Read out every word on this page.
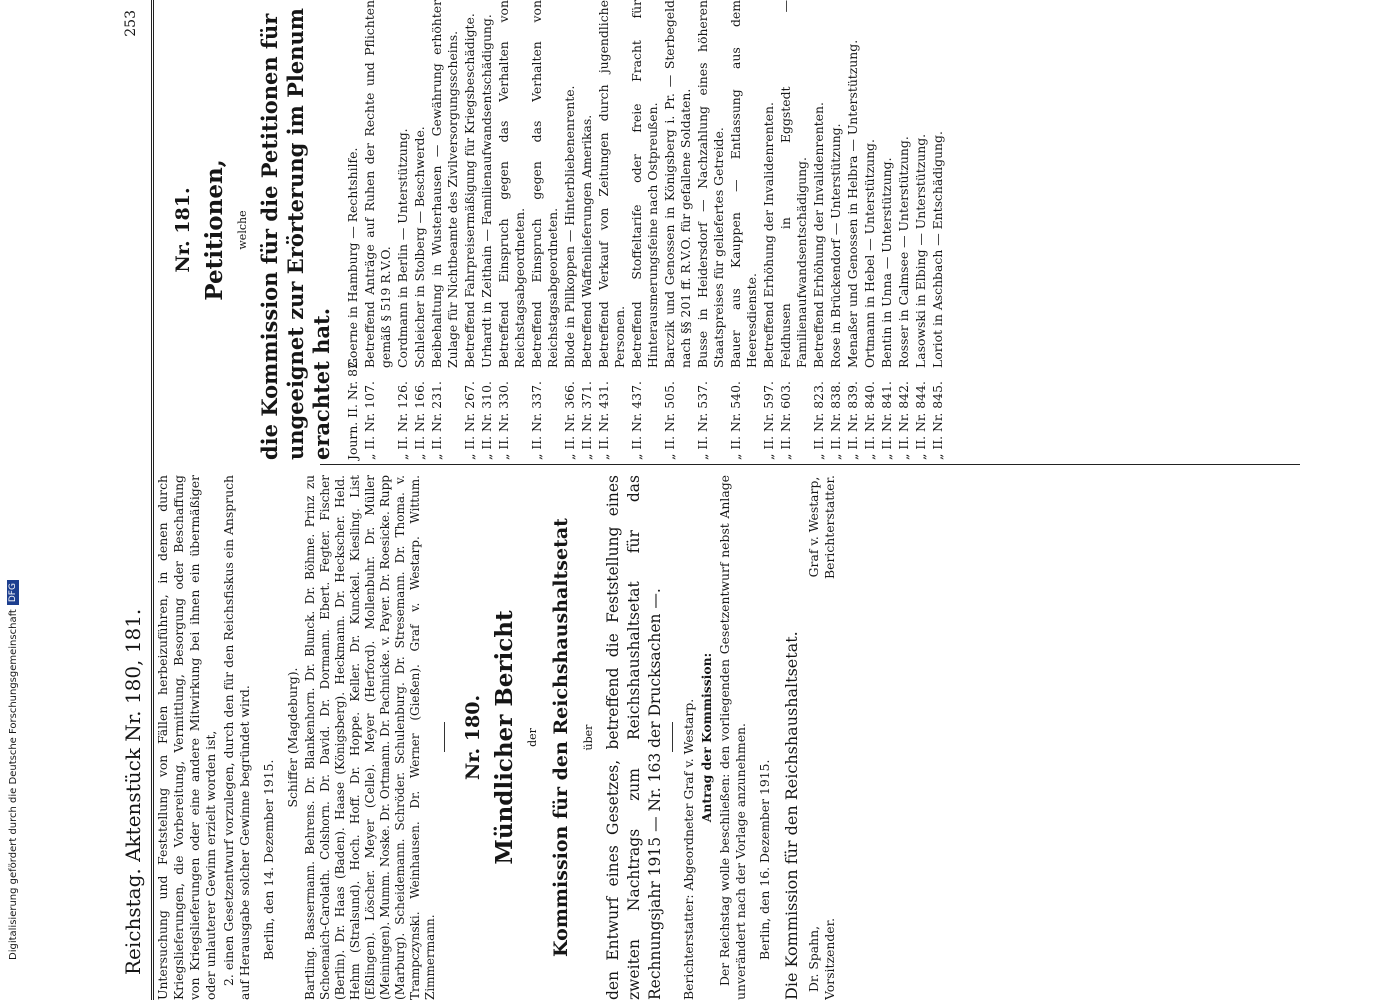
Digitalisierung gefördert durch die Deutsche ForschungsgemeinschaftDFG
Reichstag. Aktenstück Nr. 180, 181.
253
Nr. 181. Petitionen, welche die Kommission für die Petitionen für ungeeignet zur Erörterung im Plenum erachtet hat. Journ. II. Nr. 82.
Goerne in Hamburg — Rechtshilfe.
„ II. Nr. 107.
Betreffend Anträge auf Ruhen der Rechte und Pflichten gemäß § 519 R.V.O.
„ II. Nr. 126.
Cordmann in Berlin — Unterstützung.
„ II. Nr. 166.
Schleicher in Stolberg — Beschwerde.
„ II. Nr. 231.
Beibehaltung in Wusterhausen — Gewährung erhöhter Zulage für Nichtbeamte des Zivilversorgungsscheins.
„ II. Nr. 267.
Betreffend Fahrpreisermäßigung für Kriegsbeschädigte.
„ II. Nr. 310.
Urhardt in Zeithain — Familienaufwandsentschädigung.
„ II. Nr. 330.
Betreffend Einspruch gegen das Verhalten von Reichstagsabgeordneten.
„ II. Nr. 337.
Betreffend Einspruch gegen das Verhalten von Reichstagsabgeordneten.
„ II. Nr. 366.
Blode in Pillkoppen — Hinterbliebenenrente.
„ II. Nr. 371.
Betreffend Waffenlieferungen Amerikas.
„ II. Nr. 431.
Betreffend Verkauf von Zeitungen durch jugendliche Personen.
„ II. Nr. 437.
Betreffend Stoffeltarife oder freie Fracht für Hinterausmerungsfeine nach Ostpreußen.
„ II. Nr. 505.
Barczik und Genossen in Königsberg i. Pr. — Sterbegeld nach §§ 201 ff. R.V.O. für gefallene Soldaten.
„ II. Nr. 537.
Busse in Heidersdorf — Nachzahlung eines höheren Staatspreises für geliefertes Getreide.
„ II. Nr. 540.
Bauer aus Kauppen — Entlassung aus dem Heeresdienste.
„ II. Nr. 597.
Betreffend Erhöhung der Invalidenrenten.
„ II. Nr. 603.
Feldhusen in Eggstedt — Familienaufwandsentschädigung.
„ II. Nr. 823.
Betreffend Erhöhung der Invalidenrenten.
„ II. Nr. 838.
Rose in Brückendorf — Unterstützung.
„ II. Nr. 839.
Menaßer und Genossen in Helbra — Unterstützung.
„ II. Nr. 840.
Ortmann in Hebel — Unterstützung.
„ II. Nr. 841.
Bentin in Unna — Unterstützung.
„ II. Nr. 842.
Rosser in Calmsee — Unterstützung.
„ II. Nr. 844.
Lasowski in Elbing — Unterstützung.
„ II. Nr. 845.
Loriot in Aschbach — Entschädigung.

Untersuchung und Feststellung von Fällen herbeizuführen, in denen durch Kriegslieferungen, die Vorbereitung, Vermittlung, Besorgung oder Beschaffung von Kriegslieferungen oder eine andere Mitwirkung bei ihnen ein übermäßiger oder unlauterer Gewinn erzielt worden ist, 2. einen Gesetzentwurf vorzulegen, durch den für den Reichsfiskus ein Anspruch auf Herausgabe solcher Gewinne begründet wird. Berlin, den 14. Dezember 1915.

Schiffer (Magdeburg). Bartling. Bassermann. Behrens. Dr. Blankenhorn. Dr. Blunck. Dr. Böhme. Prinz zu Schoenaich-Carolath. Colshorn. Dr. David. Dr. Dormann. Ebert. Fegter. Fischer (Berlin). Dr. Haas (Baden). Haase (Königsberg). Heckmann. Dr. Heckscher. Held. Hehm (Stralsund). Hoch. Hoff. Dr. Hoppe. Keller. Dr. Kunckel. Kiesling. List (Eßlingen). Löscher. Meyer (Celle). Meyer (Herford). Mollenbuhr. Dr. Müller (Meiningen). Mumm. Noske. Dr. Ortmann. Dr. Pachnicke. v. Payer. Dr. Roesicke. Rupp (Marburg). Scheidemann. Schröder. Schulenburg. Dr. Stresemann. Dr. Thoma. v. Trampczynski. Weinhausen. Dr. Werner (Gießen). Graf v. Westarp. Wittum. Zimmermann.

Nr. 180. Mündlicher Bericht der Kommission für den Reichshaushaltsetat über den Entwurf eines Gesetzes, betreffend die Feststellung eines zweiten Nachtrags zum Reichshaushaltsetat für das Rechnungsjahr 1915 — Nr. 163 der Drucksachen —. Berichterstatter: Abgeordneter Graf v. Westarp. Antrag der Kommission: Der Reichstag wolle beschließen: den vorliegenden Gesetzentwurf nebst Anlage unverändert nach der Vorlage anzunehmen. Berlin, den 16. Dezember 1915. Die Kommission für den Reichshaushaltsetat. Dr. Spahn, Vorsitzender.
Graf v. Westarp, Berichterstatter.
